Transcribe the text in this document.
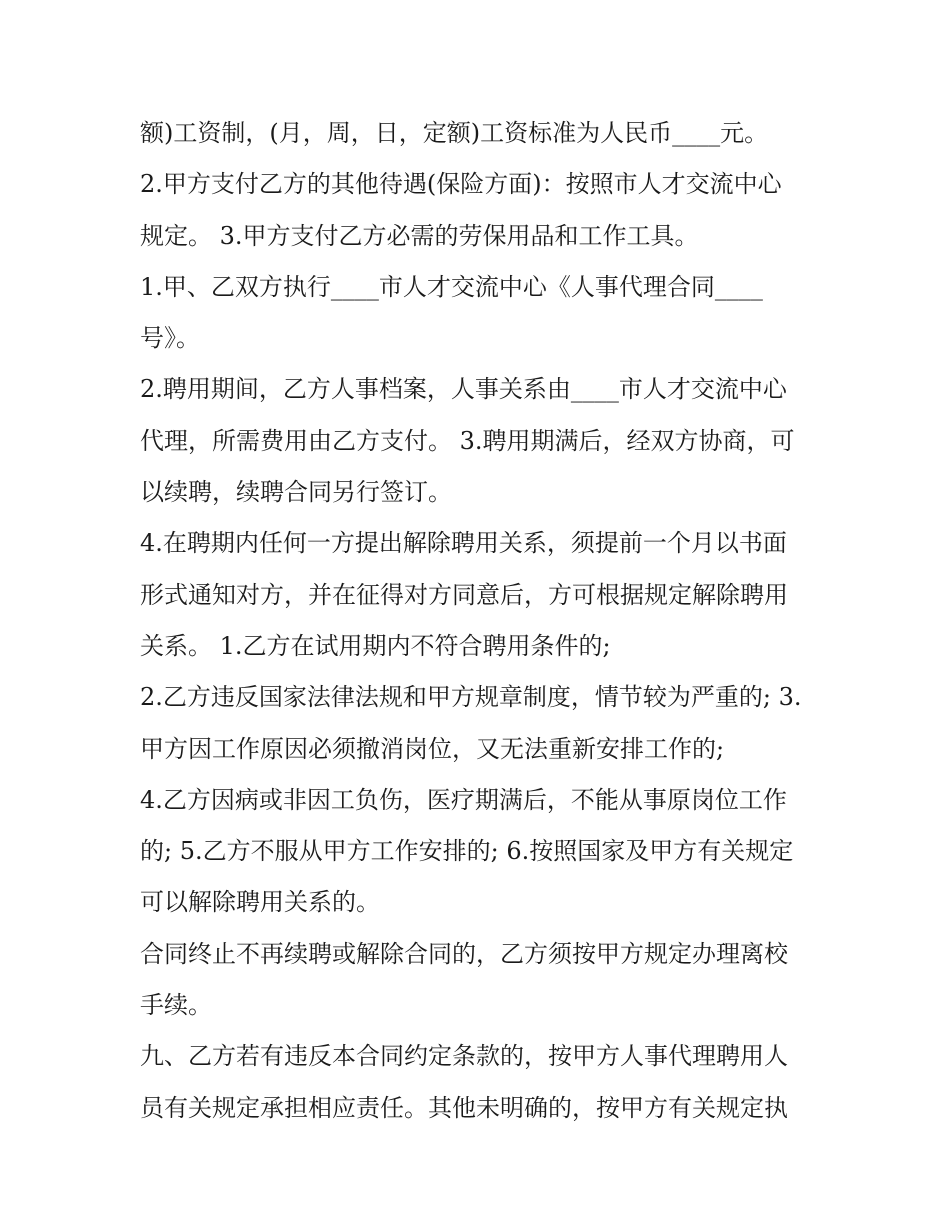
额)工资制，(月，周，日，定额)工资标准为人民币____元。
2.甲方支付乙方的其他待遇(保险方面)：按照市人才交流中心
规定。 3.甲方支付乙方必需的劳保用品和工作工具。
1.甲、乙双方执行____市人才交流中心《人事代理合同____
号》。
2.聘用期间，乙方人事档案，人事关系由____市人才交流中心
代理，所需费用由乙方支付。 3.聘用期满后，经双方协商，可
以续聘，续聘合同另行签订。
4.在聘期内任何一方提出解除聘用关系，须提前一个月以书面
形式通知对方，并在征得对方同意后，方可根据规定解除聘用
关系。 1.乙方在试用期内不符合聘用条件的;
2.乙方违反国家法律法规和甲方规章制度，情节较为严重的; 3.
甲方因工作原因必须撤消岗位，又无法重新安排工作的;
4.乙方因病或非因工负伤，医疗期满后，不能从事原岗位工作
的; 5.乙方不服从甲方工作安排的; 6.按照国家及甲方有关规定
可以解除聘用关系的。
合同终止不再续聘或解除合同的，乙方须按甲方规定办理离校
手续。
九、乙方若有违反本合同约定条款的，按甲方人事代理聘用人
员有关规定承担相应责任。其他未明确的，按甲方有关规定执
